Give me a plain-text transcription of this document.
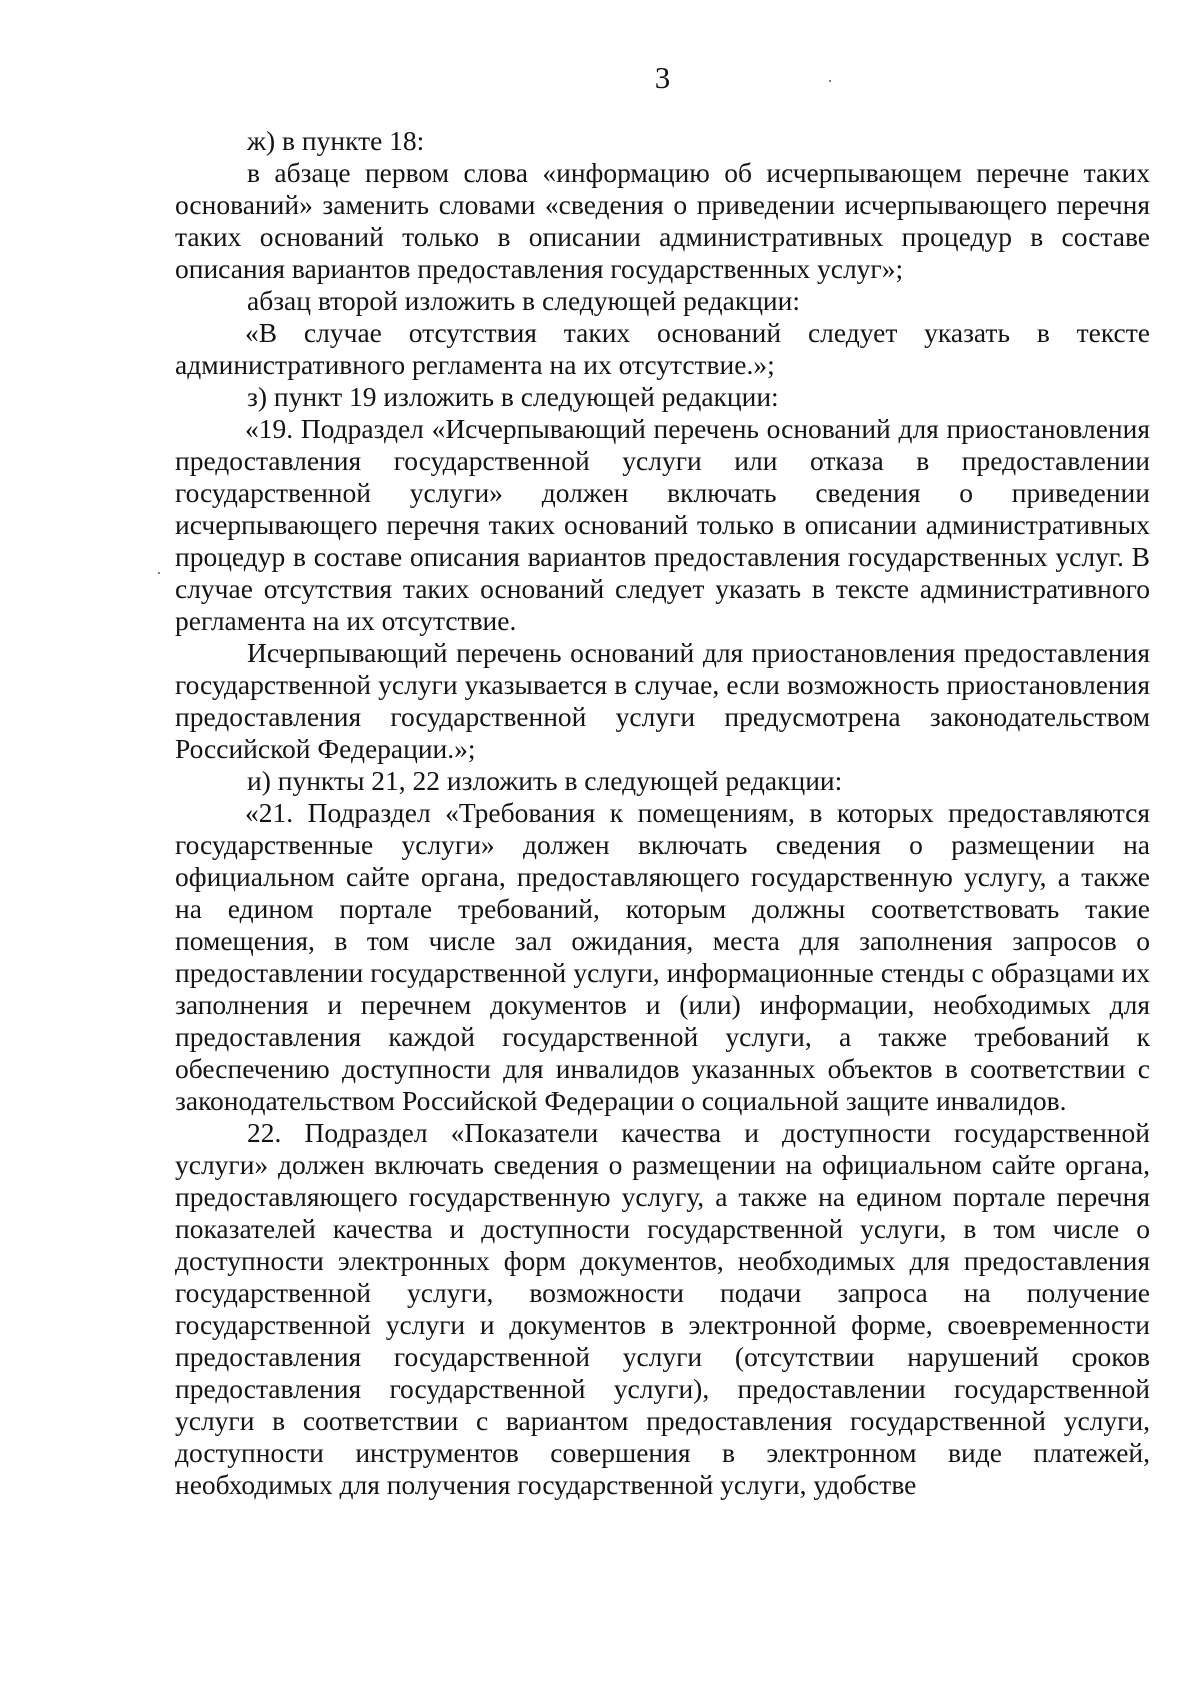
3

ж) в пункте 18:

в абзаце первом слова «информацию об исчерпывающем перечне таких оснований» заменить словами «сведения о приведении исчерпывающего перечня таких оснований только в описании административных процедур в составе описания вариантов предоставления государственных услуг»;

абзац второй изложить в следующей редакции:

«В случае отсутствия таких оснований следует указать в тексте административного регламента на их отсутствие.»;

з) пункт 19 изложить в следующей редакции:

«19. Подраздел «Исчерпывающий перечень оснований для приостановления предоставления государственной услуги или отказа в предоставлении государственной услуги» должен включать сведения о приведении исчерпывающего перечня таких оснований только в описании административных процедур в составе описания вариантов предоставления государственных услуг. В случае отсутствия таких оснований следует указать в тексте административного регламента на их отсутствие.

Исчерпывающий перечень оснований для приостановления предоставления государственной услуги указывается в случае, если возможность приостановления предоставления государственной услуги предусмотрена законодательством Российской Федерации.»;

и) пункты 21, 22 изложить в следующей редакции:

«21. Подраздел «Требования к помещениям, в которых предоставляются государственные услуги» должен включать сведения о размещении на официальном сайте органа, предоставляющего государственную услугу, а также на едином портале требований, которым должны соответствовать такие помещения, в том числе зал ожидания, места для заполнения запросов о предоставлении государственной услуги, информационные стенды с образцами их заполнения и перечнем документов и (или) информации, необходимых для предоставления каждой государственной услуги, а также требований к обеспечению доступности для инвалидов указанных объектов в соответствии с законодательством Российской Федерации о социальной защите инвалидов.

22. Подраздел «Показатели качества и доступности государственной услуги» должен включать сведения о размещении на официальном сайте органа, предоставляющего государственную услугу, а также на едином портале перечня показателей качества и доступности государственной услуги, в том числе о доступности электронных форм документов, необходимых для предоставления государственной услуги, возможности подачи запроса на получение государственной услуги и документов в электронной форме, своевременности предоставления государственной услуги (отсутствии нарушений сроков предоставления государственной услуги), предоставлении государственной услуги в соответствии с вариантом предоставления государственной услуги, доступности инструментов совершения в электронном виде платежей, необходимых для получения государственной услуги, удобстве
